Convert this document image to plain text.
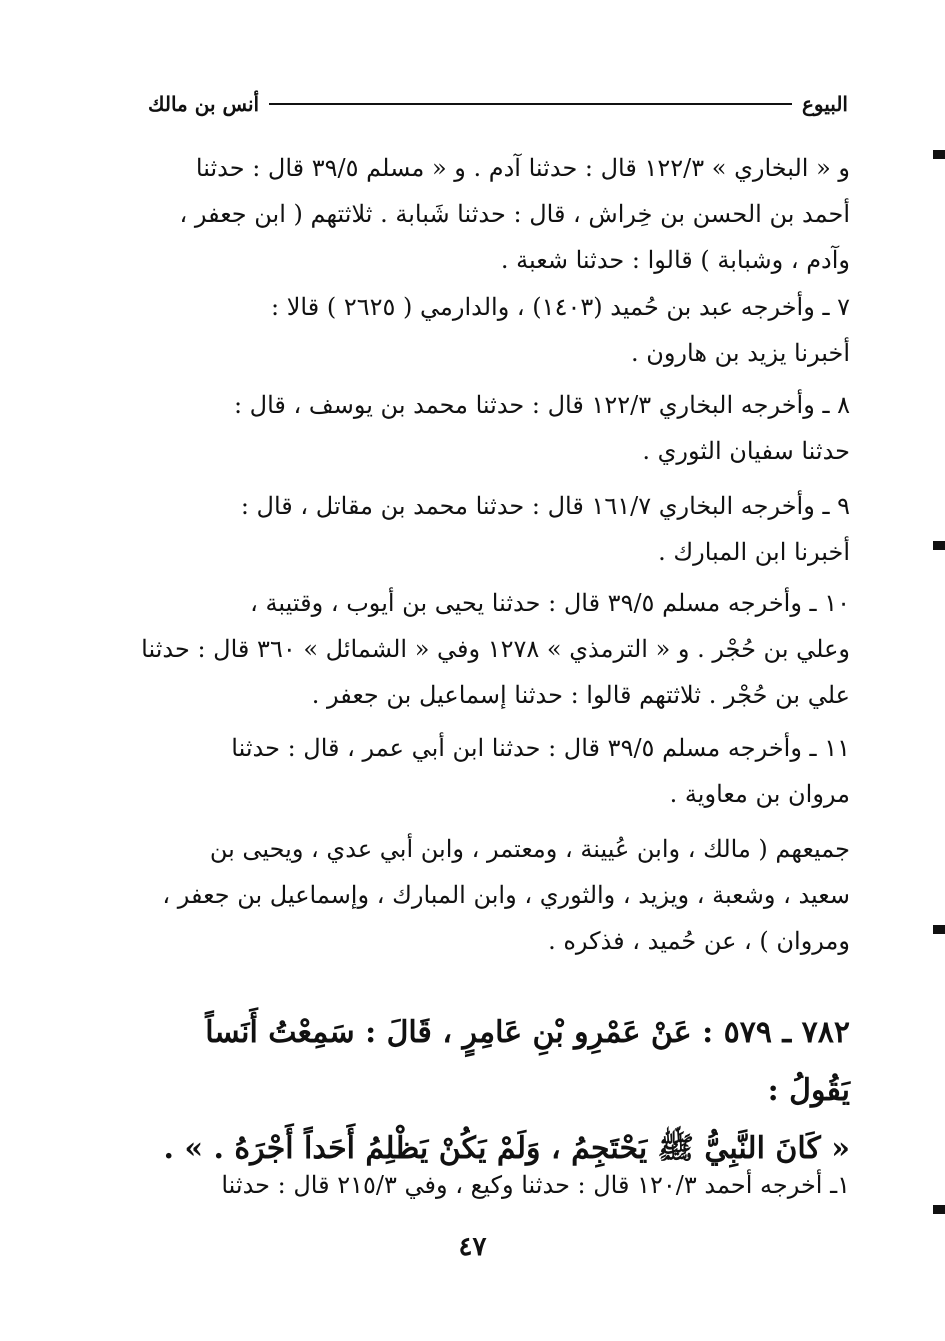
البيوع
أنس بن مالك

و « البخاري » ١٢٢/٣ قال : حدثنا آدم . و « مسلم ٣٩/٥ قال : حدثنا

أحمد بن الحسن بن خِراش ، قال : حدثنا شَبابة . ثلاثتهم ( ابن جعفر ،

وآدم ، وشبابة ) قالوا : حدثنا شعبة .

٧ ـ وأخرجه عبد بن حُميد (١٤٠٣) ، والدارمي ( ٢٦٢٥ ) قالا :

أخبرنا يزيد بن هارون .

٨ ـ وأخرجه البخاري ١٢٢/٣ قال : حدثنا محمد بن يوسف ، قال :

حدثنا سفيان الثوري .

٩ ـ وأخرجه البخاري ١٦١/٧ قال : حدثنا محمد بن مقاتل ، قال :

أخبرنا ابن المبارك .

١٠ ـ وأخرجه مسلم ٣٩/٥ قال : حدثنا يحيى بن أيوب ، وقتيبة ،

وعلي بن حُجْر . و « الترمذي » ١٢٧٨ وفي « الشمائل » ٣٦٠ قال : حدثنا

علي بن حُجْر . ثلاثتهم قالوا : حدثنا إسماعيل بن جعفر .

١١ ـ وأخرجه مسلم ٣٩/٥ قال : حدثنا ابن أبي عمر ، قال : حدثنا

مروان بن معاوية .

جميعهم ( مالك ، وابن عُيينة ، ومعتمر ، وابن أبي عدي ، ويحيى بن

سعيد ، وشعبة ، ويزيد ، والثوري ، وابن المبارك ، وإسماعيل بن جعفر ،

ومروان ) ، عن حُميد ، فذكره .

٧٨٢ ـ ٥٧٩ : عَنْ عَمْرِو بْنِ عَامِرٍ ، قَالَ : سَمِعْتُ أَنَساً يَقُولُ :

« كَانَ النَّبِيُّ ﷺ يَحْتَجِمُ ، وَلَمْ يَكُنْ يَظْلِمُ أَحَداً أَجْرَهُ . » .

١ـ أخرجه أحمد ١٢٠/٣ قال : حدثنا وكيع ، وفي ٢١٥/٣ قال : حدثنا

٤٧
